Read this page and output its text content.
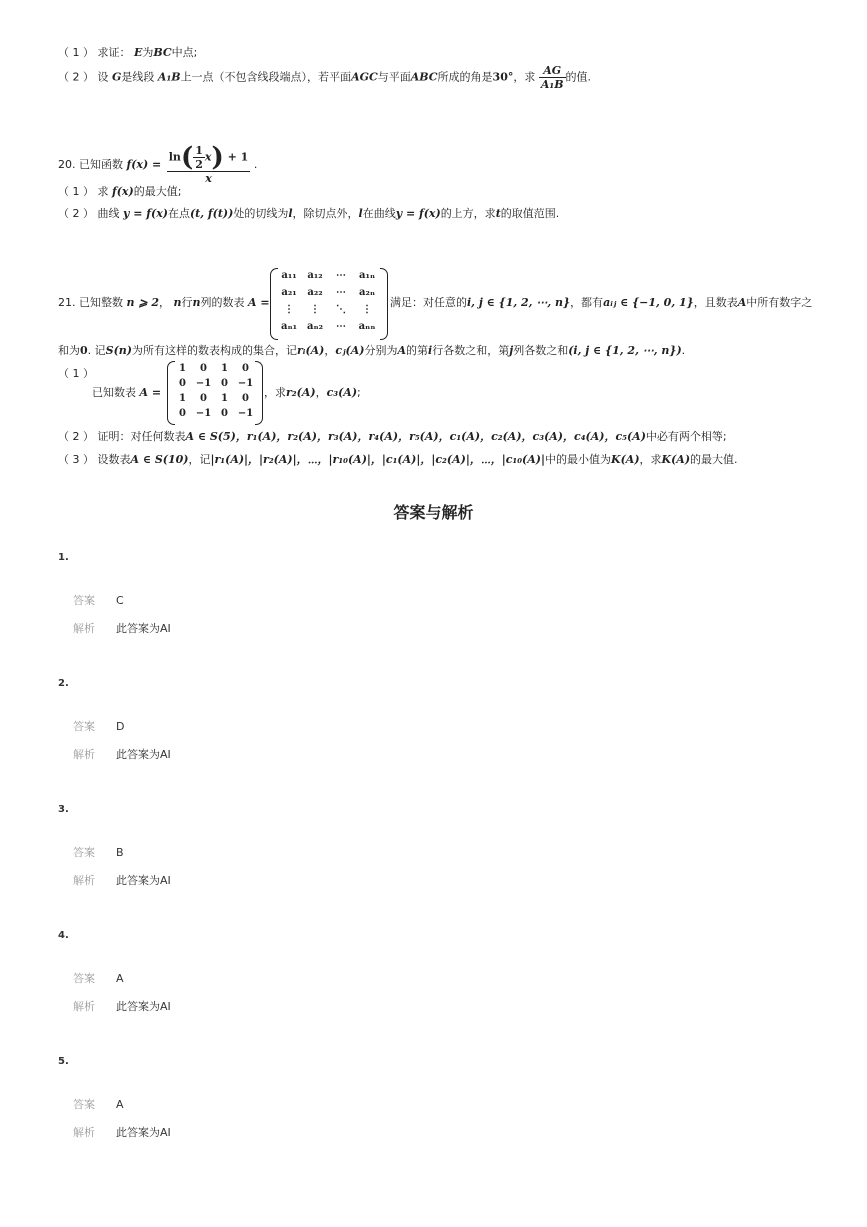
（ 1 ） 求证： E为BC中点;
（ 2 ） 设 G是线段 A₁B上一点（不包含线段端点），若平面AGC与平面ABC所成的角是30°，求 $\frac{AG}{\text{A₁B}}$ 的值.
20. 已知函数 $f(x) = \frac{\ln( \frac{1}{2} x) + 1}{x}$ .
（ 1 ） 求 f(x)的最大值;
（ 2 ） 曲线 y = f(x)在点(t, f(t))处的切线为l，除切点外，l在曲线y = f(x)的上方，求t的取值范围.
21. 已知整数 n ⩾ 2， n行n列的数表 A =
a₁₁	a₁₂	⋯	a₁ₙ
a₂₁	a₂₂	⋯	a₂ₙ
⋮	⋮	⋱	⋮
aₙ₁ aₙ₂	⋯	aₙₙ
满足：对任意的i, j ∈ {1, 2, ⋯, n}，都有aᵢⱼ ∈ {−1, 0, 1}，且数表A中所有数字之
和为0. 记S(n)为所有这样的数表构成的集合，记rᵢ(A)，cⱼ(A)分别为A的第i行各数之和，第j列各数之和(i, j ∈ {1, 2, ⋯, n}).
（ 1 ）
已知数表 A =
1	0	1	0
0 −1 0 −1
1	0	1	0
0 −1 0 −1
，求r₂(A)，c₃(A);
（ 2 ） 证明：对任何数表A ∈ S(5)，r₁(A)，r₂(A)，r₃(A)，r₄(A)，r₅(A)，c₁(A)，c₂(A)，c₃(A)，c₄(A)，c₅(A)中必有两个相等;
（ 3 ） 设数表A ∈ S(10)，记|r₁(A)|，|r₂(A)|，⋯，|r₁₀(A)|，|c₁(A)|，|c₂(A)|，⋯，|c₁₀(A)|中的最小值为K(A)，求K(A)的最大值.
答案与解析
1.
答案 C
解析 此答案为AI
2.
答案 D
解析 此答案为AI
3.
答案 B
解析 此答案为AI
4.
答案 A
解析 此答案为AI
5.
答案 A
解析 此答案为AI
